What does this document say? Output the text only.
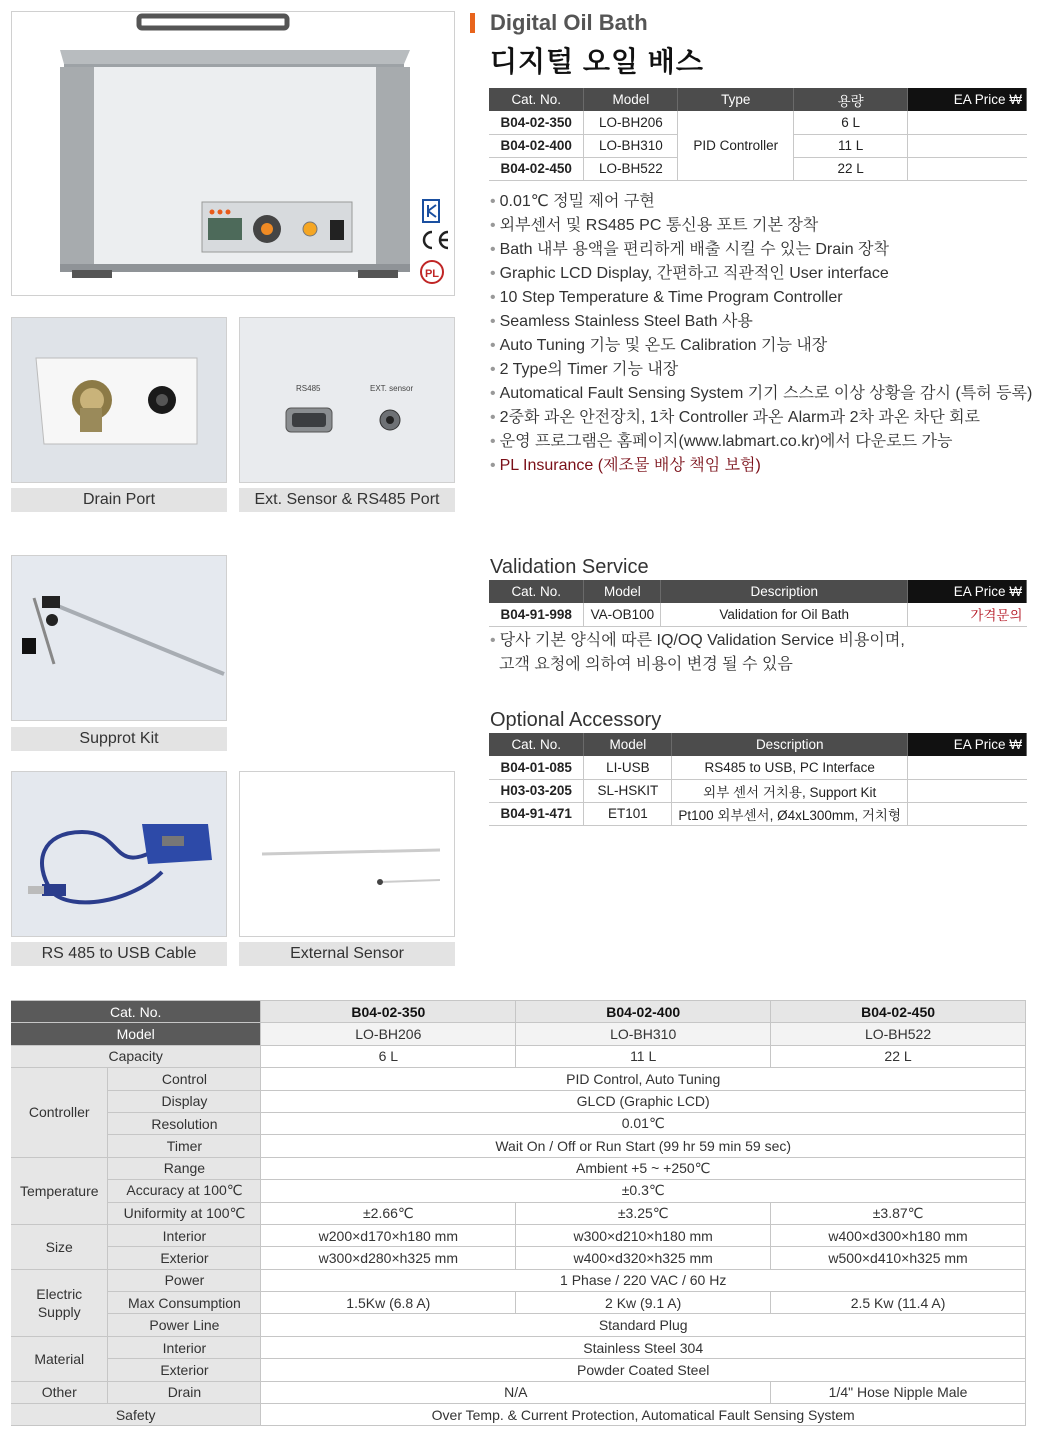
PL
Drain Port
RS485	EXT. sensor
Ext. Sensor & RS485 Port
Supprot Kit
RS 485 to USB Cable	External Sensor
Digital Oil Bath
디지털 오일 배스
Cat. No.	Model	Type	용량	EA Price ₩
B04-02-350	LO-BH206	PID Controller	6 L	
B04-02-400	LO-BH310		11 L	
B04-02-450	LO-BH522		22 L	
• 0.01℃ 정밀 제어 구현
• 외부센서 및 RS485 PC 통신용 포트 기본 장착
• Bath 내부 용액을 편리하게 배출 시킬 수 있는 Drain 장착
• Graphic LCD Display, 간편하고 직관적인 User interface
• 10 Step Temperature & Time Program Controller
• Seamless Stainless Steel Bath 사용
• Auto Tuning 기능 및 온도 Calibration 기능 내장
• 2 Type의 Timer 기능 내장
• Automatical Fault Sensing System 기기 스스로 이상 상황을 감시 (특허 등록)
• 2중화 과온 안전장치, 1차 Controller 과온 Alarm과 2차 과온 차단 회로
• 운영 프로그램은 홈페이지(www.labmart.co.kr)에서 다운로드 가능
• PL Insurance (제조물 배상 책임 보험)
Validation Service
Cat. No.	Model	Description	EA Price ₩
B04-91-998	VA-OB100	Validation for Oil Bath	가격문의
• 당사 기본 양식에 따른 IQ/OQ Validation Service 비용이며,
고객 요청에 의하여 비용이 변경 될 수 있음
Optional Accessory
Cat. No.	Model	Description	EA Price ₩
B04-01-085	LI-USB	RS485 to USB, PC Interface	
H03-03-205	SL-HSKIT	외부 센서 거치용, Support Kit	
B04-91-471	ET101	Pt100 외부센서, Ø4xL300mm, 거치형	
Cat. No.		B04-02-350	B04-02-400	B04-02-450
Model		LO-BH206	LO-BH310	LO-BH522
Capacity		6 L	11 L	22 L
Controller	Control	PID Control, Auto Tuning		
	Display	GLCD (Graphic LCD)		
	Resolution	0.01℃		
	Timer	Wait On / Off or Run Start (99 hr 59 min 59 sec)		
Temperature	Range	Ambient +5 ~ +250℃		
	Accuracy at 100℃	±0.3℃		
	Uniformity at 100℃	±2.66℃	±3.25℃	±3.87℃
Size	Interior	w200×d170×h180 mm	w300×d210×h180 mm	w400×d300×h180 mm
	Exterior	w300×d280×h325 mm	w400×d320×h325 mm	w500×d410×h325 mm
Electric Supply	Power	1 Phase / 220 VAC / 60 Hz		
	Max Consumption	1.5Kw (6.8 A)	2 Kw (9.1 A)	2.5 Kw (11.4 A)
	Power Line	Standard Plug		
Material	Interior	Stainless Steel 304		
	Exterior	Powder Coated Steel		
Other	Drain	N/A		1/4" Hose Nipple Male
Safety		Over Temp. & Current Protection, Automatical Fault Sensing System		
